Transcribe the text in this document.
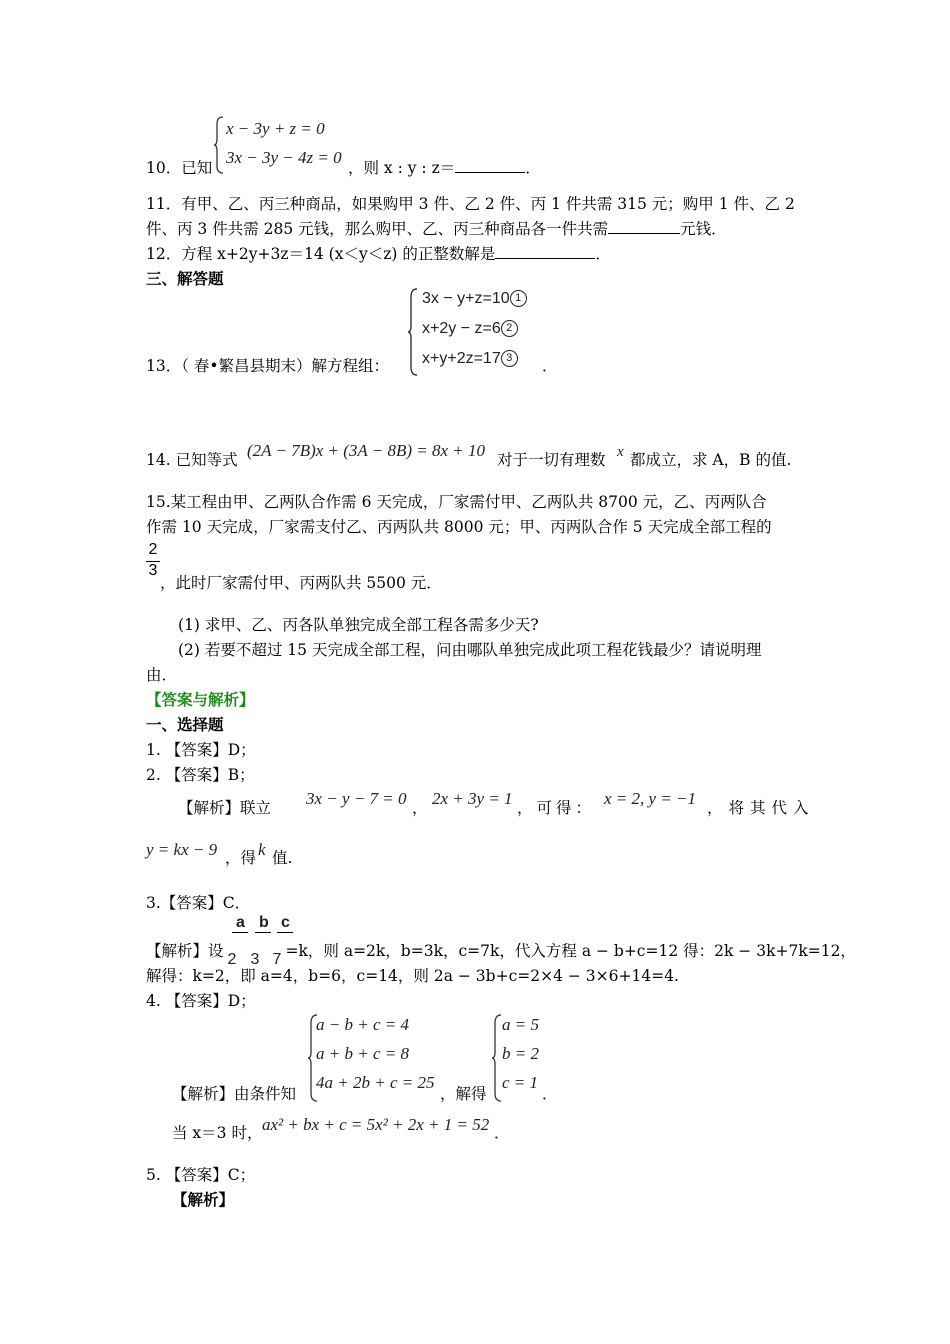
x − 3y + z = 0
3x − 3y − 4z = 0
10．已知	，则 x : y : z＝	．
11．有甲、乙、丙三种商品，如果购甲 3 件、乙 2 件、丙 1 件共需 315 元；购甲 1 件、乙 2
件、丙 3 件共需 285 元钱，那么购甲、乙、丙三种商品各一件共需	元钱．
12．方程 x+2y+3z＝14 (x＜y＜z) 的正整数解是	．
三、解答题
3x − y+z=10 1
x+2y − z=6 2
x+y+2z=17 3
13．（ 春•繁昌县期末）解方程组：	．
14. 已知等式 (2A − 7B)x + (3A − 8B) = 8x + 10 对于一切有理数 x 都成立，求 A，B 的值.
15.某工程由甲、乙两队合作需 6 天完成，厂家需付甲、乙两队共 8700 元，乙、丙两队合
作需 10 天完成，厂家需支付乙、丙两队共 8000 元；甲、丙两队合作 5 天完成全部工程的
$\frac{2}{3}$
，此时厂家需付甲、丙两队共 5500 元．
(1) 求甲、乙、丙各队单独完成全部工程各需多少天?
(2) 若要不超过 15 天完成全部工程，问由哪队单独完成此项工程花钱最少？请说明理
由．
【答案与解析】
一、选择题
1. 【答案】D；
2. 【答案】B；
【解析】联立 3x − y − 7 = 0 ， 2x + 3y = 1 ，可得： x = 2, y = −1 ，将其代入
y = kx − 9 ，得 k 值.
3.【答案】C．
a b c
【解析】设 2 3 7 =k，则 a=2k，b=3k，c=7k，代入方程 a − b+c=12 得：2k − 3k+7k=12，
解得：k=2，即 a=4，b=6，c=14，则 2a − 3b+c=2×4 − 3×6+14=4.
4. 【答案】D；
a − b + c = 4
a + b + c = 8
4a + 2b + c = 25
【解析】由条件知	，解得
a = 5
b = 2
c = 1
．
当 x＝3 时， ax² + bx + c = 5x² + 2x + 1 = 52 ．
5. 【答案】C；
【解析】
